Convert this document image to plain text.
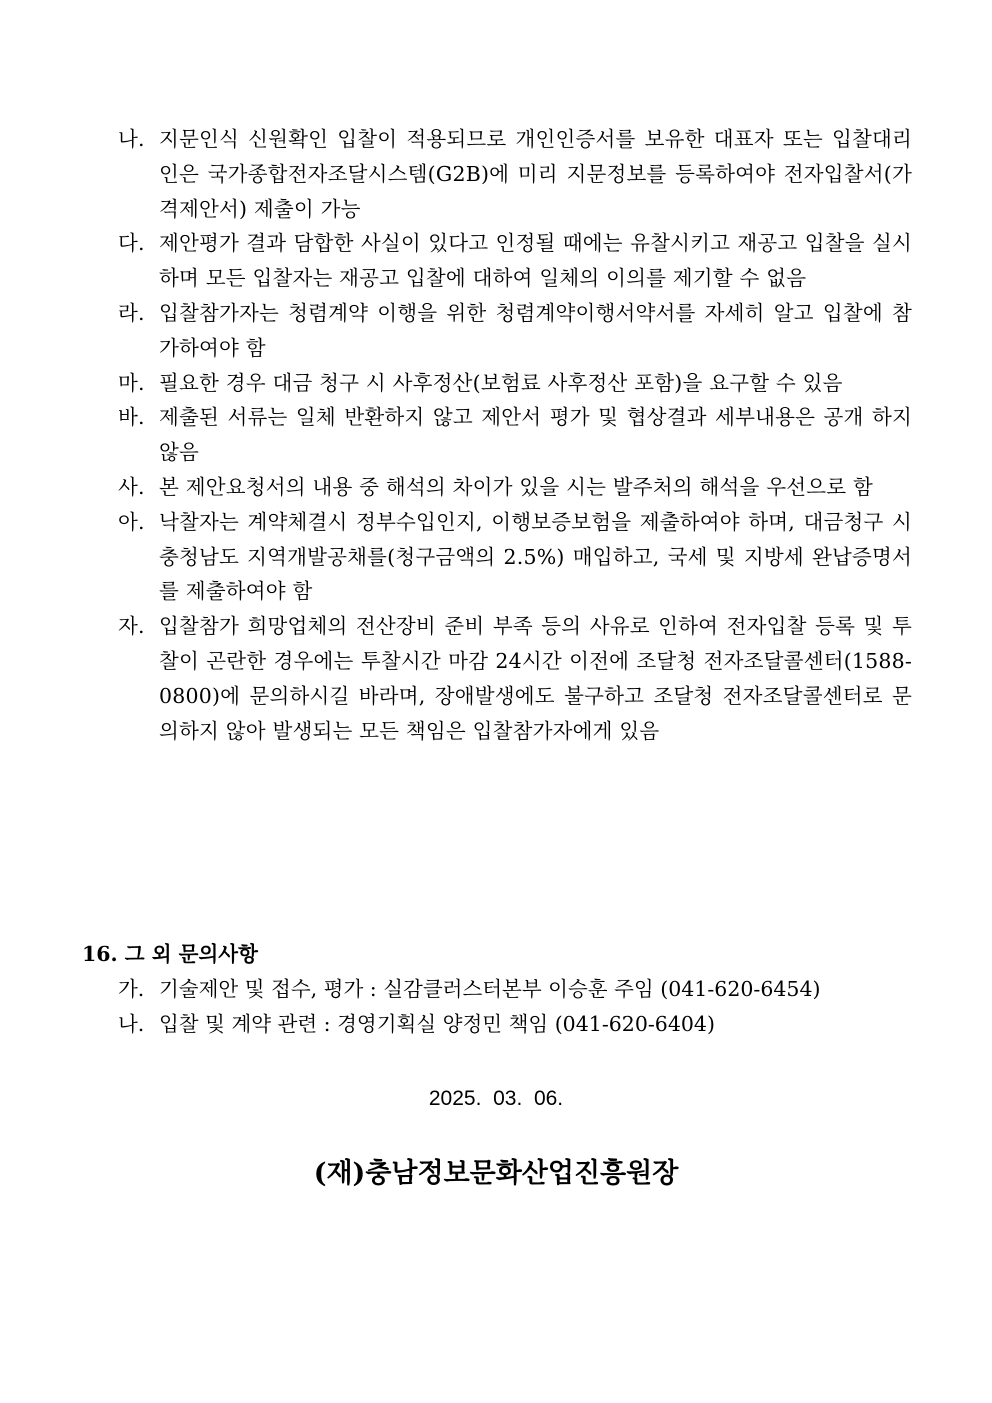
나. 지문인식 신원확인 입찰이 적용되므로 개인인증서를 보유한 대표자 또는 입찰대리인은 국가종합전자조달시스템(G2B)에 미리 지문정보를 등록하여야 전자입찰서(가격제안서) 제출이 가능
다. 제안평가 결과 담합한 사실이 있다고 인정될 때에는 유찰시키고 재공고 입찰을 실시하며 모든 입찰자는 재공고 입찰에 대하여 일체의 이의를 제기할 수 없음
라. 입찰참가자는 청렴계약 이행을 위한 청렴계약이행서약서를 자세히 알고 입찰에 참가하여야 함
마. 필요한 경우 대금 청구 시 사후정산(보험료 사후정산 포함)을 요구할 수 있음
바. 제출된 서류는 일체 반환하지 않고 제안서 평가 및 협상결과 세부내용은 공개 하지 않음
사. 본 제안요청서의 내용 중 해석의 차이가 있을 시는 발주처의 해석을 우선으로 함
아. 낙찰자는 계약체결시 정부수입인지, 이행보증보험을 제출하여야 하며, 대금청구 시 충청남도 지역개발공채를(청구금액의 2.5%) 매입하고, 국세 및 지방세 완납증명서를 제출하여야 함
자. 입찰참가 희망업체의 전산장비 준비 부족 등의 사유로 인하여 전자입찰 등록 및 투찰이 곤란한 경우에는 투찰시간 마감 24시간 이전에 조달청 전자조달콜센터(1588-0800)에 문의하시길 바라며, 장애발생에도 불구하고 조달청 전자조달콜센터로 문의하지 않아 발생되는 모든 책임은 입찰참가자에게 있음
16. 그 외 문의사항
가. 기술제안 및 접수, 평가 : 실감클러스터본부 이승훈 주임 (041-620-6454)
나. 입찰 및 계약 관련 : 경영기획실 양정민 책임 (041-620-6404)
2025.  03.  06.
(재)충남정보문화산업진흥원장
